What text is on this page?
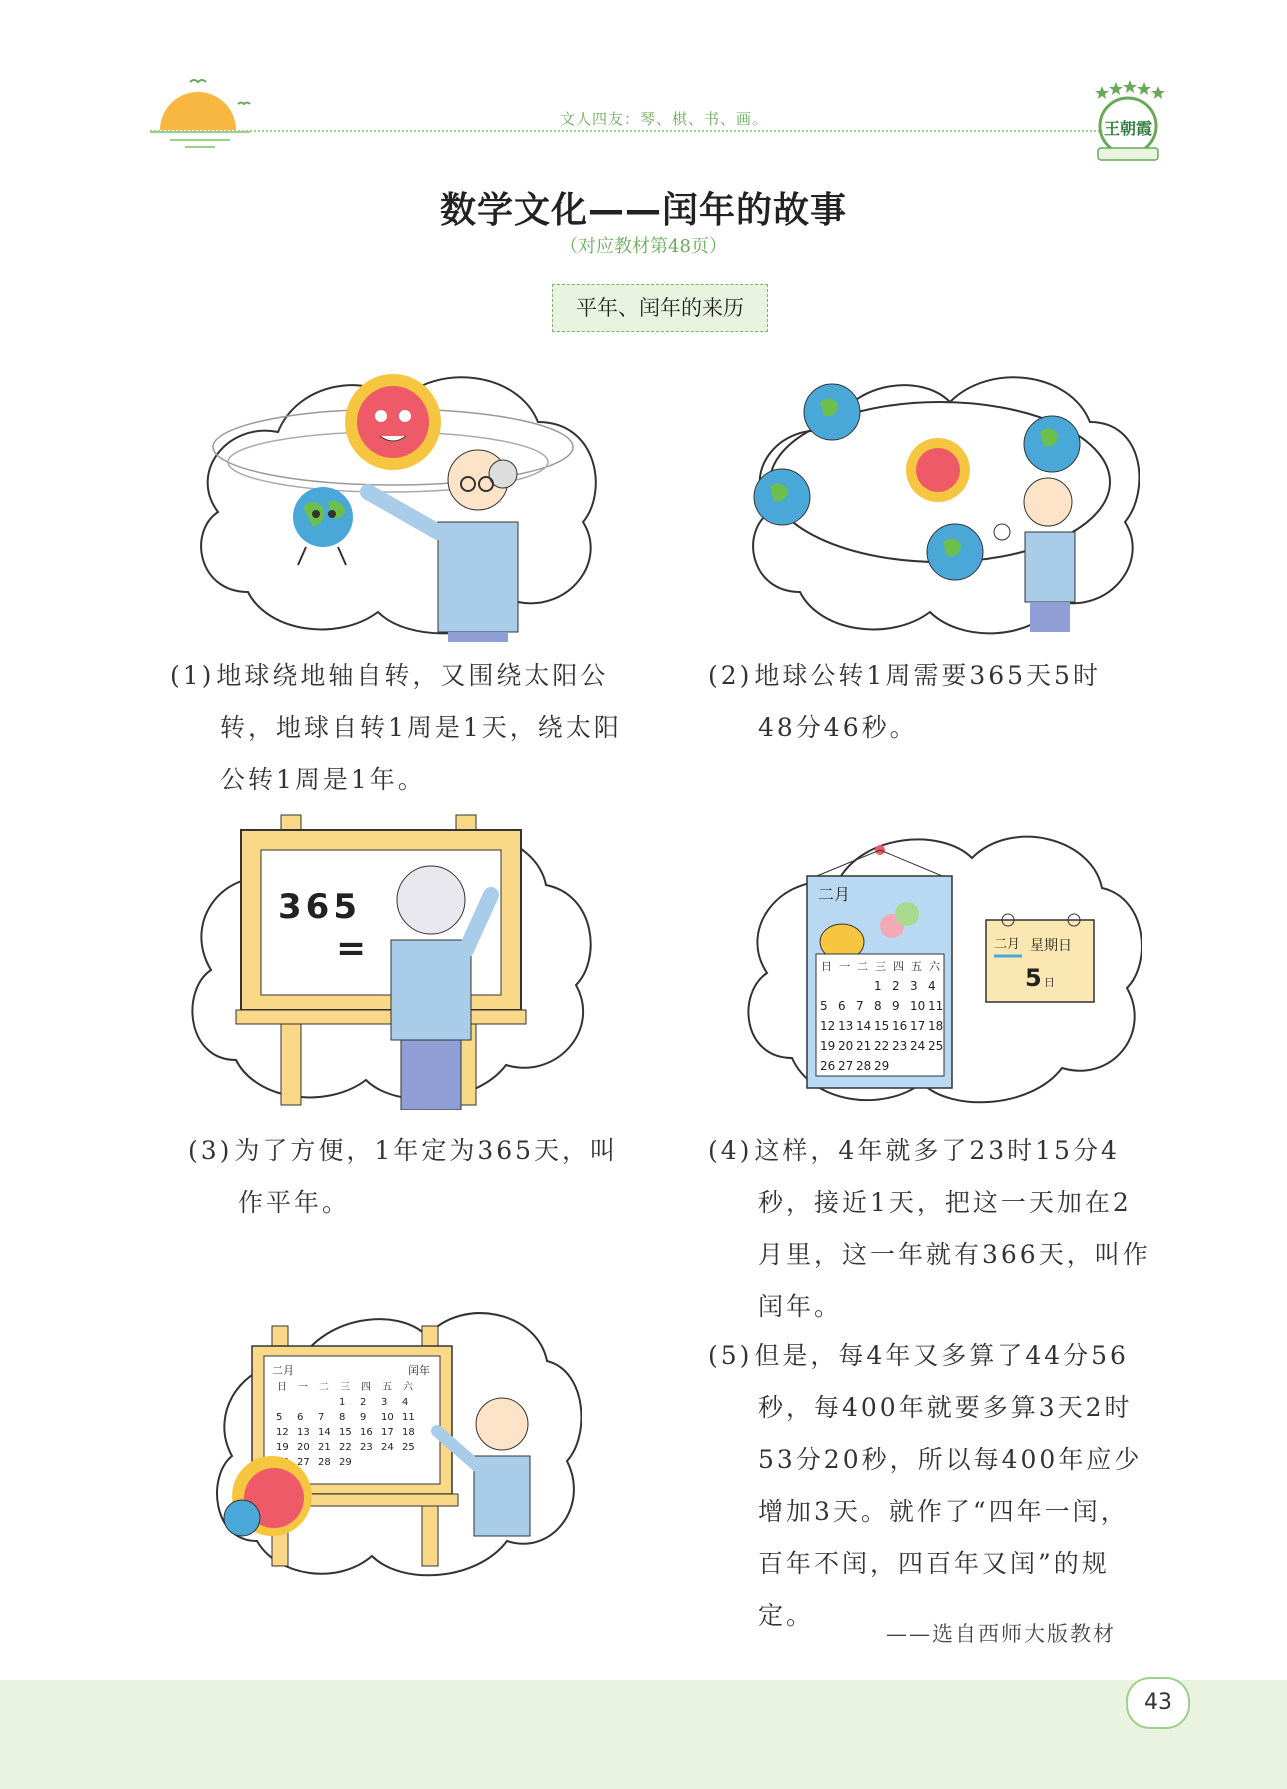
文人四友：琴、棋、书、画。	王朝霞
数学文化——闰年的故事
（对应教材第48页）
平年、闰年的来历
(1)地球绕地轴自转，又围绕太阳公
转，地球自转1周是1天，绕太阳
公转1周是1年。
(2)地球公转1周需要365天5时
48分46秒。
365
=
二月
日 一 二 三 四 五 六
1 2 3 4
5 6 7 8 9 10 11
12 13 14 15 16 17 18
19 20 21 22 23 24 25
26 27 28 29
二月 星期日
5 日
(3)为了方便，1年定为365天，叫
作平年。
(4)这样，4年就多了23时15分4
秒，接近1天，把这一天加在2
月里，这一年就有366天，叫作
闰年。
二月	闰年
日 一 二 三 四 五 六
1 2 3 4
5 6 7 8 9 10 11
12 13 14 15 16 17 18
19 20 21 22 23 24 25
27 28 29
(5)但是，每4年又多算了44分56
秒，每400年就要多算3天2时
53分20秒，所以每400年应少
增加3天。就作了“四年一闰，
百年不闰，四百年又闰”的规
定。
——选自西师大版教材
43
